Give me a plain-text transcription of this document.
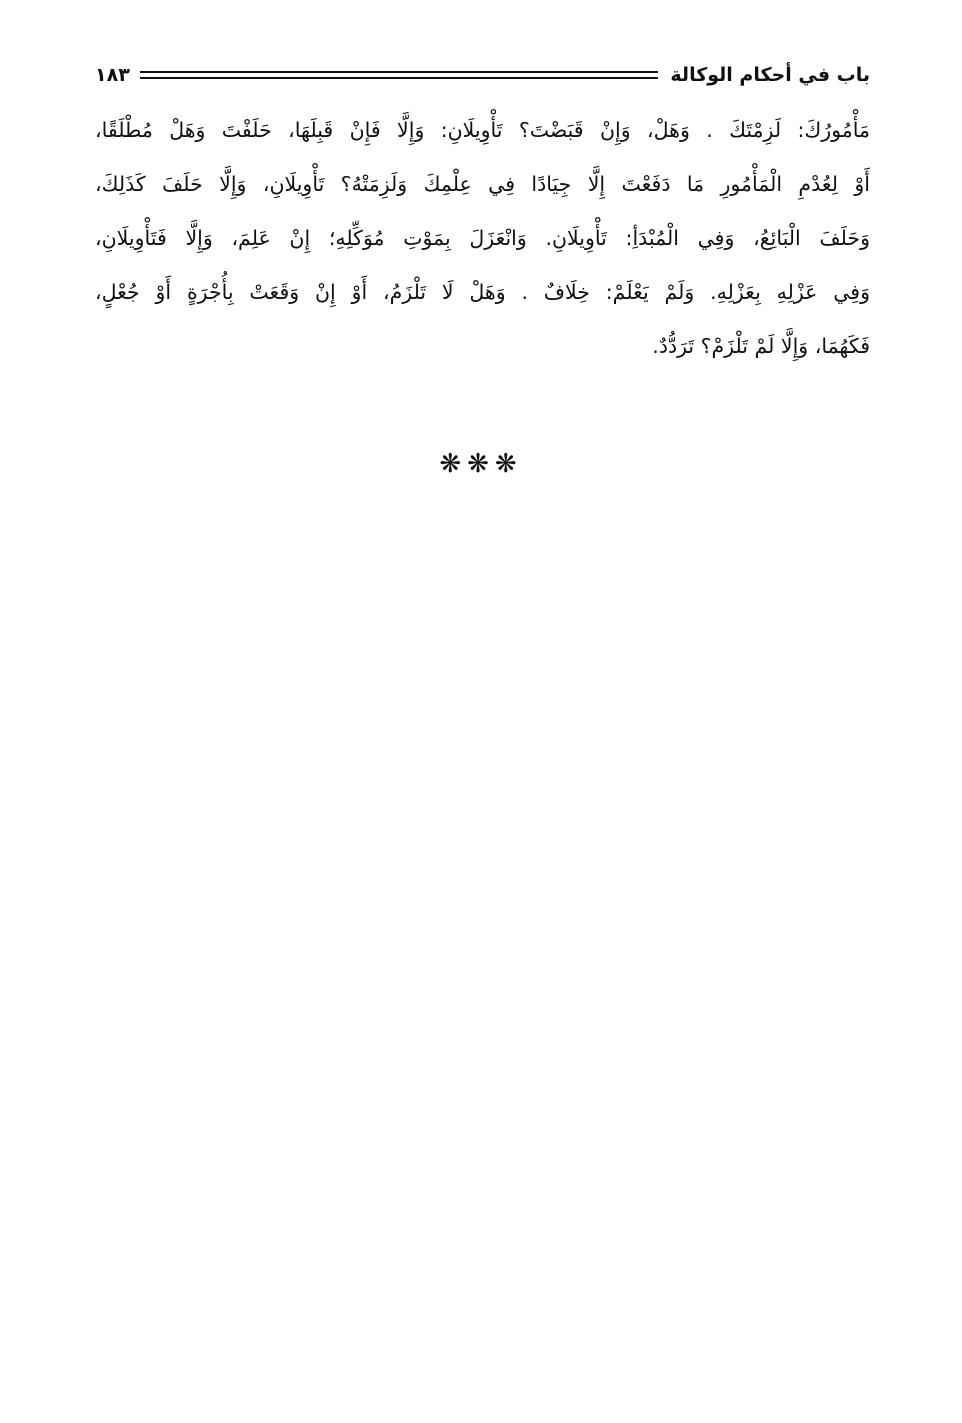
باب في أحكام الوكالة
١٨٣
مَأْمُورُكَ: لَزِمْتَكَ . وَهَلْ، وَإِنْ قَبَضْتَ؟ تَأْوِيلَانِ: وَإِلَّا فَإِنْ قَبِلَهَا، حَلَفْتَ وَهَلْ مُطْلَقًا،
أَوْ لِعُدْمِ الْمَأْمُورِ مَا دَفَعْتَ إِلَّا جِيَادًا فِي عِلْمِكَ وَلَزِمَتْهُ؟ تَأْوِيلَانِ، وَإِلَّا حَلَفَ كَذَلِكَ،
وَحَلَفَ الْبَائِعُ، وَفِي الْمُبْدَأِ: تَأْوِيلَانِ. وَانْعَزَلَ بِمَوْتِ مُوَكِّلِهِ؛ إِنْ عَلِمَ، وَإِلَّا فَتَأْوِيلَانِ،
وَفِي عَزْلِهِ بِعَزْلِهِ. وَلَمْ يَعْلَمْ: خِلَافٌ . وَهَلْ لَا تَلْزَمُ، أَوْ إِنْ وَقَعَتْ بِأُجْرَةٍ أَوْ جُعْلٍ،
فَكَهُمَا، وَإِلَّا لَمْ تَلْزَمْ؟ تَرَدُّدٌ.
❋❋❋
